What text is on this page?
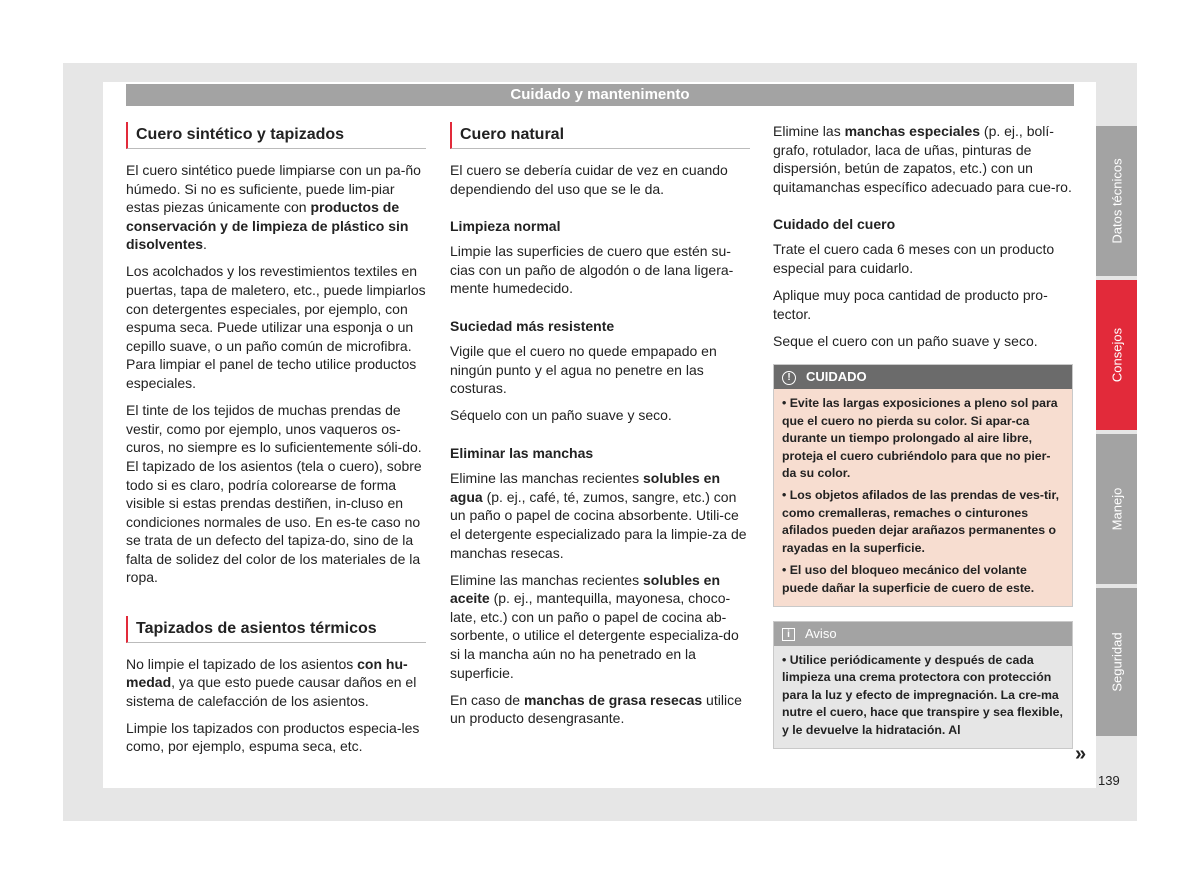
Cuidado y mantenimento
Cuero sintético y tapizados

El cuero sintético puede limpiarse con un pa-ño húmedo. Si no es suficiente, puede lim-piar estas piezas únicamente con productos de conservación y de limpieza de plástico sin disolventes.

Los acolchados y los revestimientos textiles en puertas, tapa de maletero, etc., puede limpiarlos con detergentes especiales, por ejemplo, con espuma seca. Puede utilizar una esponja o un cepillo suave, o un paño común de microfibra. Para limpiar el panel de techo utilice productos especiales.

El tinte de los tejidos de muchas prendas de vestir, como por ejemplo, unos vaqueros os-curos, no siempre es lo suficientemente sóli-do. El tapizado de los asientos (tela o cuero), sobre todo si es claro, podría colorearse de forma visible si estas prendas destiñen, in-cluso en condiciones normales de uso. En es-te caso no se trata de un defecto del tapiza-do, sino de la falta de solidez del color de los materiales de la ropa.

Tapizados de asientos térmicos

No limpie el tapizado de los asientos con hu-medad, ya que esto puede causar daños en el sistema de calefacción de los asientos.

Limpie los tapizados con productos especia-les como, por ejemplo, espuma seca, etc.

Cuero natural

El cuero se debería cuidar de vez en cuando dependiendo del uso que se le da.

Limpieza normal

Limpie las superficies de cuero que estén su-cias con un paño de algodón o de lana ligera-mente humedecido.

Suciedad más resistente

Vigile que el cuero no quede empapado en ningún punto y el agua no penetre en las costuras.

Séquelo con un paño suave y seco.

Eliminar las manchas

Elimine las manchas recientes solubles en agua (p. ej., café, té, zumos, sangre, etc.) con un paño o papel de cocina absorbente. Utili-ce el detergente especializado para la limpie-za de manchas resecas.

Elimine las manchas recientes solubles en aceite (p. ej., mantequilla, mayonesa, choco-late, etc.) con un paño o papel de cocina ab-sorbente, o utilice el detergente especializa-do si la mancha aún no ha penetrado en la superficie.

En caso de manchas de grasa resecas utilice un producto desengrasante.

Elimine las manchas especiales (p. ej., bolí-grafo, rotulador, laca de uñas, pinturas de dispersión, betún de zapatos, etc.) con un quitamanchas específico adecuado para cue-ro.

Cuidado del cuero

Trate el cuero cada 6 meses con un producto especial para cuidarlo.

Aplique muy poca cantidad de producto pro-tector.

Seque el cuero con un paño suave y seco.

! CUIDADO
• Evite las largas exposiciones a pleno sol para que el cuero no pierda su color. Si apar-ca durante un tiempo prolongado al aire libre, proteja el cuero cubriéndolo para que no pier-da su color.
• Los objetos afilados de las prendas de ves-tir, como cremalleras, remaches o cinturones afilados pueden dejar arañazos permanentes o rayadas en la superficie.
• El uso del bloqueo mecánico del volante puede dañar la superficie de cuero de este.
i Aviso
• Utilice periódicamente y después de cada limpieza una crema protectora con protección para la luz y efecto de impregnación. La cre-ma nutre el cuero, hace que transpire y sea flexible, y le devuelve la hidratación. Al
Datos técnicos
Consejos
Manejo
Seguridad
»
139
